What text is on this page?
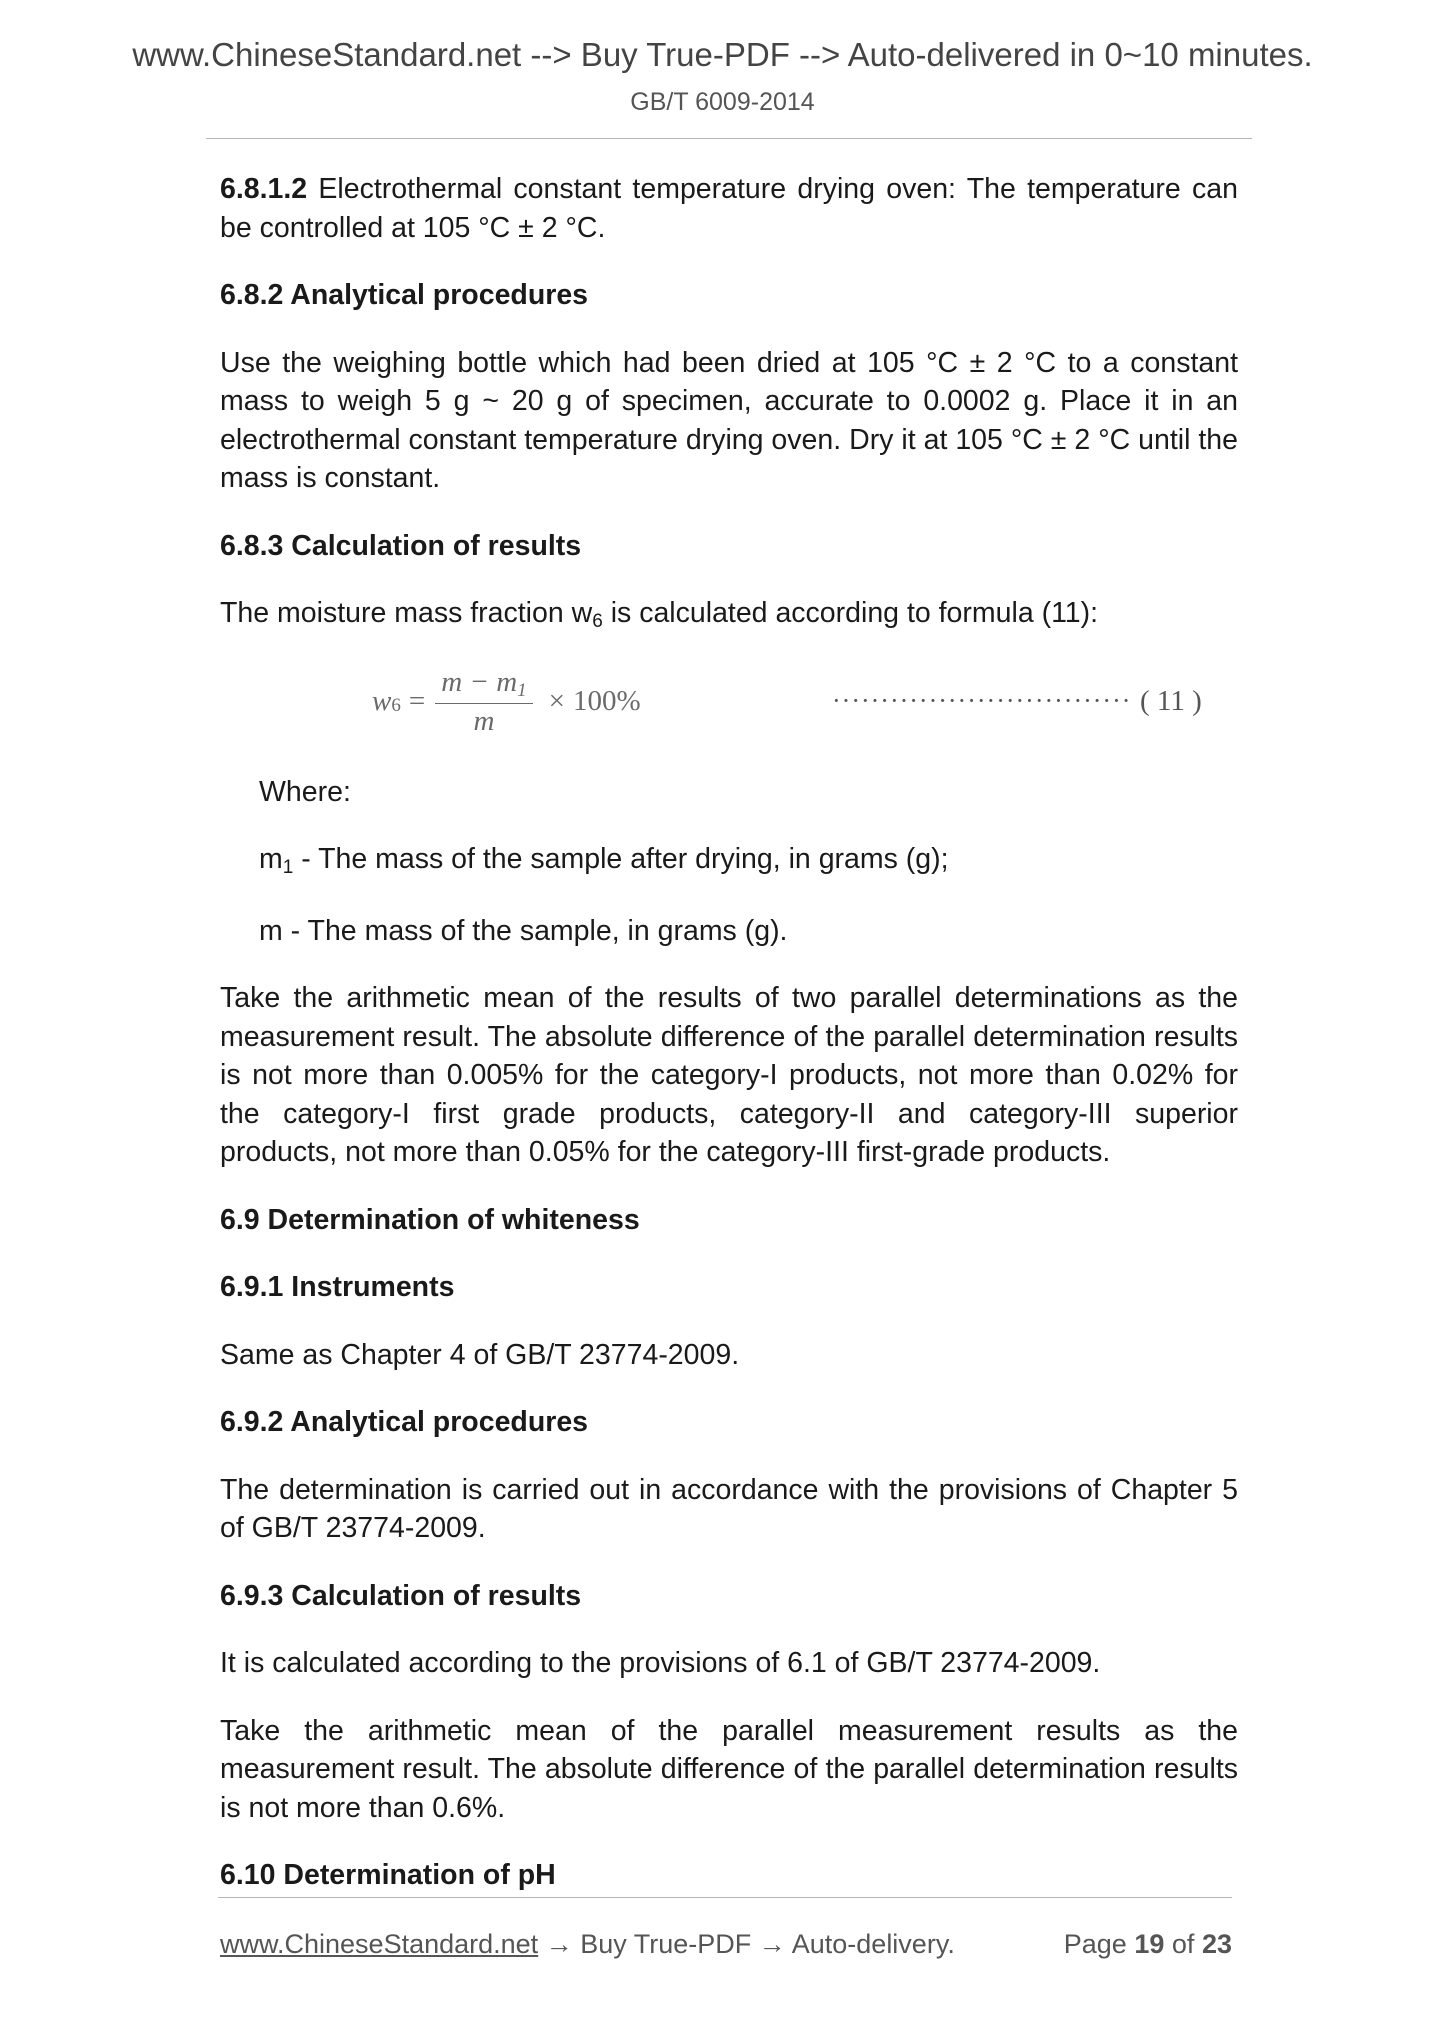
www.ChineseStandard.net --> Buy True-PDF --> Auto-delivered in 0~10 minutes.
GB/T 6009-2014

6.8.1.2 Electrothermal constant temperature drying oven: The temperature can be controlled at 105 °C ± 2 °C.

6.8.2 Analytical procedures

Use the weighing bottle which had been dried at 105 °C ± 2 °C to a constant mass to weigh 5 g ~ 20 g of specimen, accurate to 0.0002 g. Place it in an electrothermal constant temperature drying oven. Dry it at 105 °C ± 2 °C until the mass is constant.

6.8.3 Calculation of results

The moisture mass fraction $w_6$ is calculated according to formula (11):

$w_6 = \frac{m - m_1}{m} \times 100\%$	······························· ( 11 )

Where:

$m_1$ - The mass of the sample after drying, in grams (g);

m - The mass of the sample, in grams (g).

Take the arithmetic mean of the results of two parallel determinations as the measurement result. The absolute difference of the parallel determination results is not more than 0.005% for the category-I products, not more than 0.02% for the category-I first grade products, category-II and category-III superior products, not more than 0.05% for the category-III first-grade products.

6.9 Determination of whiteness

6.9.1 Instruments

Same as Chapter 4 of GB/T 23774-2009.

6.9.2 Analytical procedures

The determination is carried out in accordance with the provisions of Chapter 5 of GB/T 23774-2009.

6.9.3 Calculation of results

It is calculated according to the provisions of 6.1 of GB/T 23774-2009.

Take the arithmetic mean of the parallel measurement results as the measurement result. The absolute difference of the parallel determination results is not more than 0.6%.

6.10 Determination of pH

www.ChineseStandard.net → Buy True-PDF → Auto-delivery.	Page 19 of 23
